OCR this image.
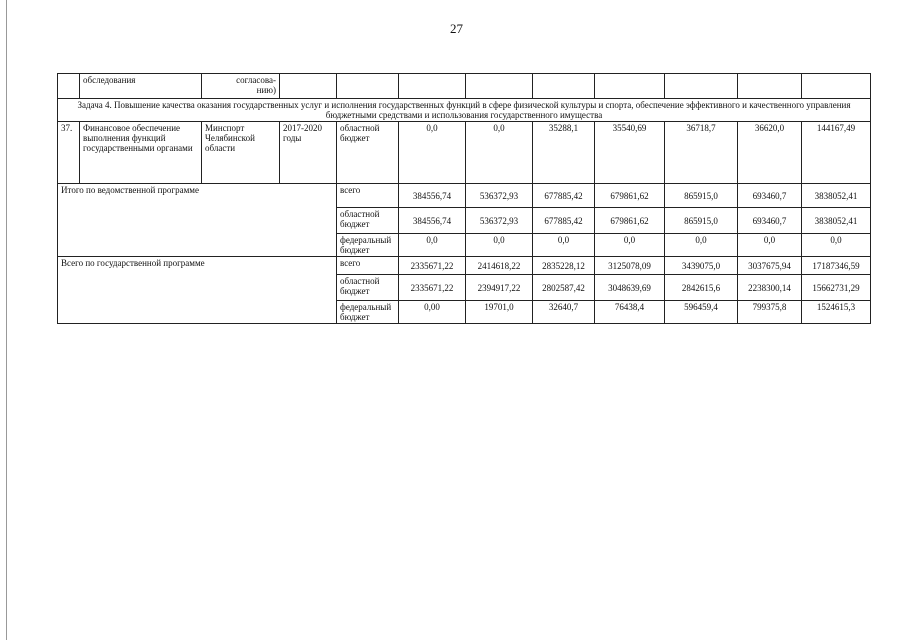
27
	обследования	согласова-
нию)									
Задача 4. Повышение качества оказания государственных услуг и исполнения государственных функций в сфере физической культуры и спорта, обеспечение эффективного и качественного управления бюджетными средствами и использования государственного имущества											
37.	Финансовое обеспечение выполнения функций государственными органами	Минспорт Челябинской области	2017-2020 годы	областной бюджет	0,0	0,0	35288,1	35540,69	36718,7	36620,0	144167,49
Итого по ведомственной программе				всего	384556,74	536372,93	677885,42	679861,62	865915,0	693460,7	3838052,41
				областной бюджет	384556,74	536372,93	677885,42	679861,62	865915,0	693460,7	3838052,41
				федеральный бюджет	0,0	0,0	0,0	0,0	0,0	0,0	0,0
Всего по государственной программе				всего	2335671,22	2414618,22	2835228,12	3125078,09	3439075,0	3037675,94	17187346,59
				областной бюджет	2335671,22	2394917,22	2802587,42	3048639,69	2842615,6	2238300,14	15662731,29
				федеральный бюджет	0,00	19701,0	32640,7	76438,4	596459,4	799375,8	1524615,3
